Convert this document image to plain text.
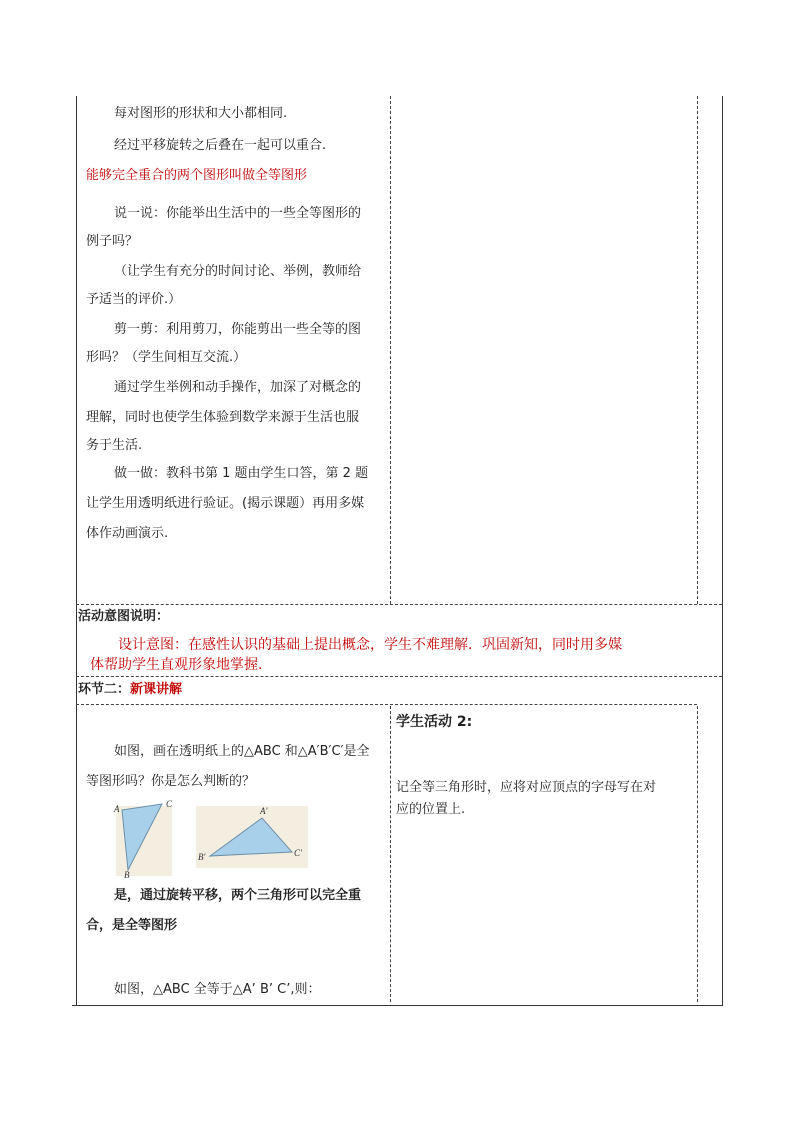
每对图形的形状和大小都相同.
经过平移旋转之后叠在一起可以重合.
能够完全重合的两个图形叫做全等图形
说一说：你能举出生活中的一些全等图形的
例子吗？
（让学生有充分的时间讨论、举例，教师给
予适当的评价.）
剪一剪：利用剪刀，你能剪出一些全等的图
形吗？（学生间相互交流.）
通过学生举例和动手操作，加深了对概念的
理解，同时也使学生体验到数学来源于生活也服
务于生活.
做一做：教科书第 1 题由学生口答，第 2 题
让学生用透明纸进行验证。(揭示课题）再用多媒
体作动画演示.
活动意图说明：
设计意图：在感性认识的基础上提出概念，学生不难理解．巩固新知，同时用多媒
体帮助学生直观形象地掌握.
环节二：新课讲解
如图，画在透明纸上的△ABC 和△A′B′C′是全
等图形吗？你是怎么判断的？
A	C
B
A′
B′	C′
是，通过旋转平移，两个三角形可以完全重
合，是全等图形
如图，△ABC 全等于△A’ B’ C’,则：
学生活动 2:
记全等三角形时，应将对应顶点的字母写在对
应的位置上.
